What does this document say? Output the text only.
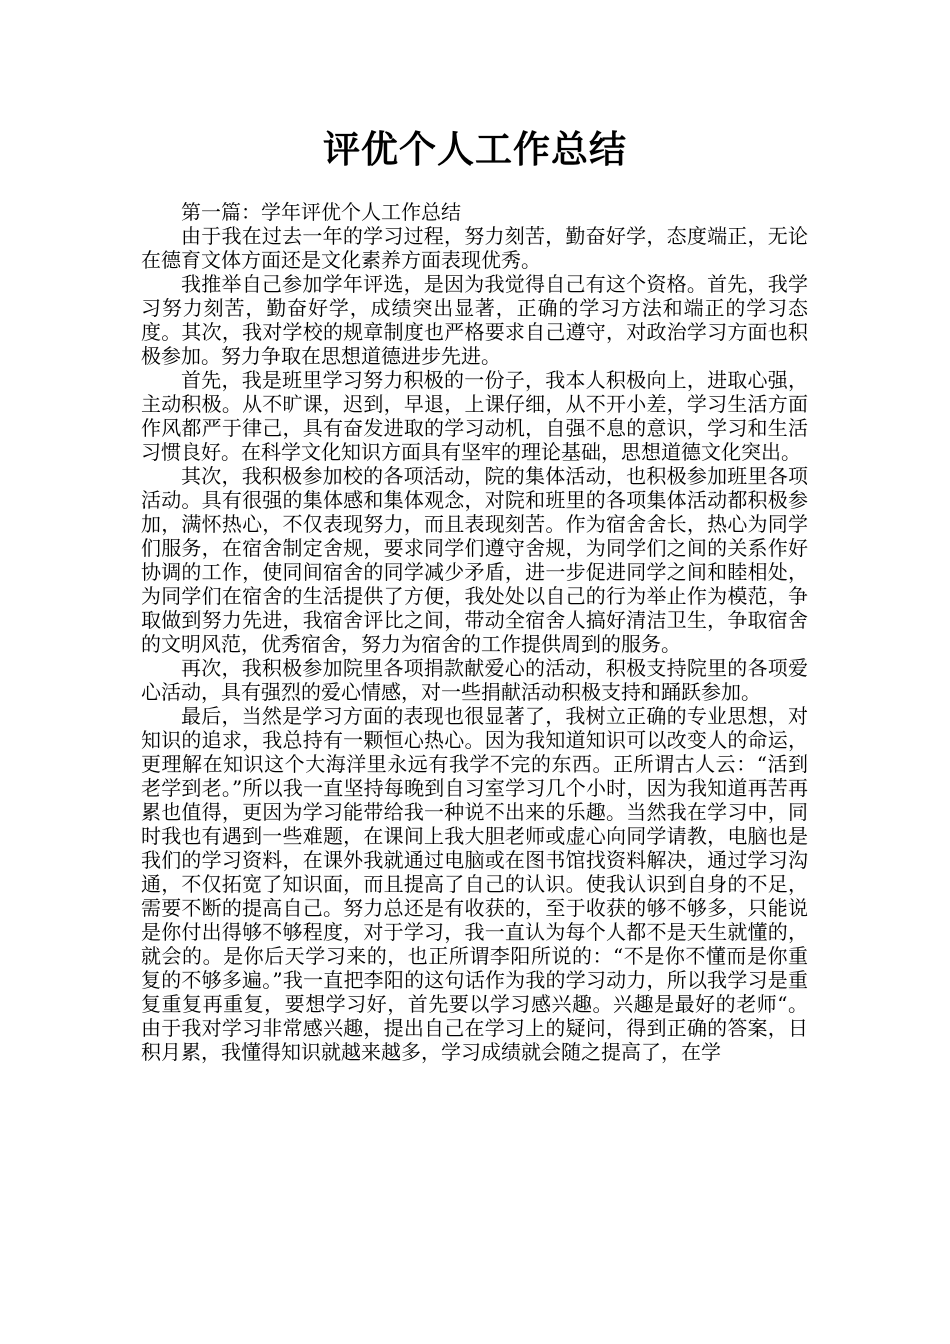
评优个人工作总结

第一篇：学年评优个人工作总结

由于我在过去一年的学习过程，努力刻苦，勤奋好学，态度端正，无论在德育文体方面还是文化素养方面表现优秀。

我推举自己参加学年评选，是因为我觉得自己有这个资格。首先，我学习努力刻苦，勤奋好学，成绩突出显著，正确的学习方法和端正的学习态度。其次，我对学校的规章制度也严格要求自己遵守，对政治学习方面也积极参加。努力争取在思想道德进步先进。

首先，我是班里学习努力积极的一份子，我本人积极向上，进取心强，主动积极。从不旷课，迟到，早退，上课仔细，从不开小差，学习生活方面作风都严于律己，具有奋发进取的学习动机，自强不息的意识，学习和生活习惯良好。在科学文化知识方面具有坚牢的理论基础，思想道德文化突出。

其次，我积极参加校的各项活动，院的集体活动，也积极参加班里各项活动。具有很强的集体感和集体观念，对院和班里的各项集体活动都积极参加，满怀热心，不仅表现努力，而且表现刻苦。作为宿舍舍长，热心为同学们服务，在宿舍制定舍规，要求同学们遵守舍规，为同学们之间的关系作好协调的工作，使同间宿舍的同学减少矛盾，进一步促进同学之间和睦相处，为同学们在宿舍的生活提供了方便，我处处以自己的行为举止作为模范，争取做到努力先进，我宿舍评比之间，带动全宿舍人搞好清洁卫生，争取宿舍的文明风范，优秀宿舍，努力为宿舍的工作提供周到的服务。

再次，我积极参加院里各项捐款献爱心的活动，积极支持院里的各项爱心活动，具有强烈的爱心情感，对一些捐献活动积极支持和踊跃参加。

最后，当然是学习方面的表现也很显著了，我树立正确的专业思想，对知识的追求，我总持有一颗恒心热心。因为我知道知识可以改变人的命运，更理解在知识这个大海洋里永远有我学不完的东西。正所谓古人云：“活到老学到老。”所以我一直坚持每晚到自习室学习几个小时，因为我知道再苦再累也值得，更因为学习能带给我一种说不出来的乐趣。当然我在学习中，同时我也有遇到一些难题，在课间上我大胆老师或虚心向同学请教，电脑也是我们的学习资料，在课外我就通过电脑或在图书馆找资料解决，通过学习沟通，不仅拓宽了知识面，而且提高了自己的认识。使我认识到自身的不足，需要不断的提高自己。努力总还是有收获的，至于收获的够不够多，只能说是你付出得够不够程度，对于学习，我一直认为每个人都不是天生就懂的，就会的。是你后天学习来的，也正所谓李阳所说的：“不是你不懂而是你重复的不够多遍。”我一直把李阳的这句话作为我的学习动力，所以我学习是重复重复再重复，要想学习好，首先要以学习感兴趣。兴趣是最好的老师“。由于我对学习非常感兴趣，提出自己在学习上的疑问，得到正确的答案，日积月累，我懂得知识就越来越多，学习成绩就会随之提高了，在学
